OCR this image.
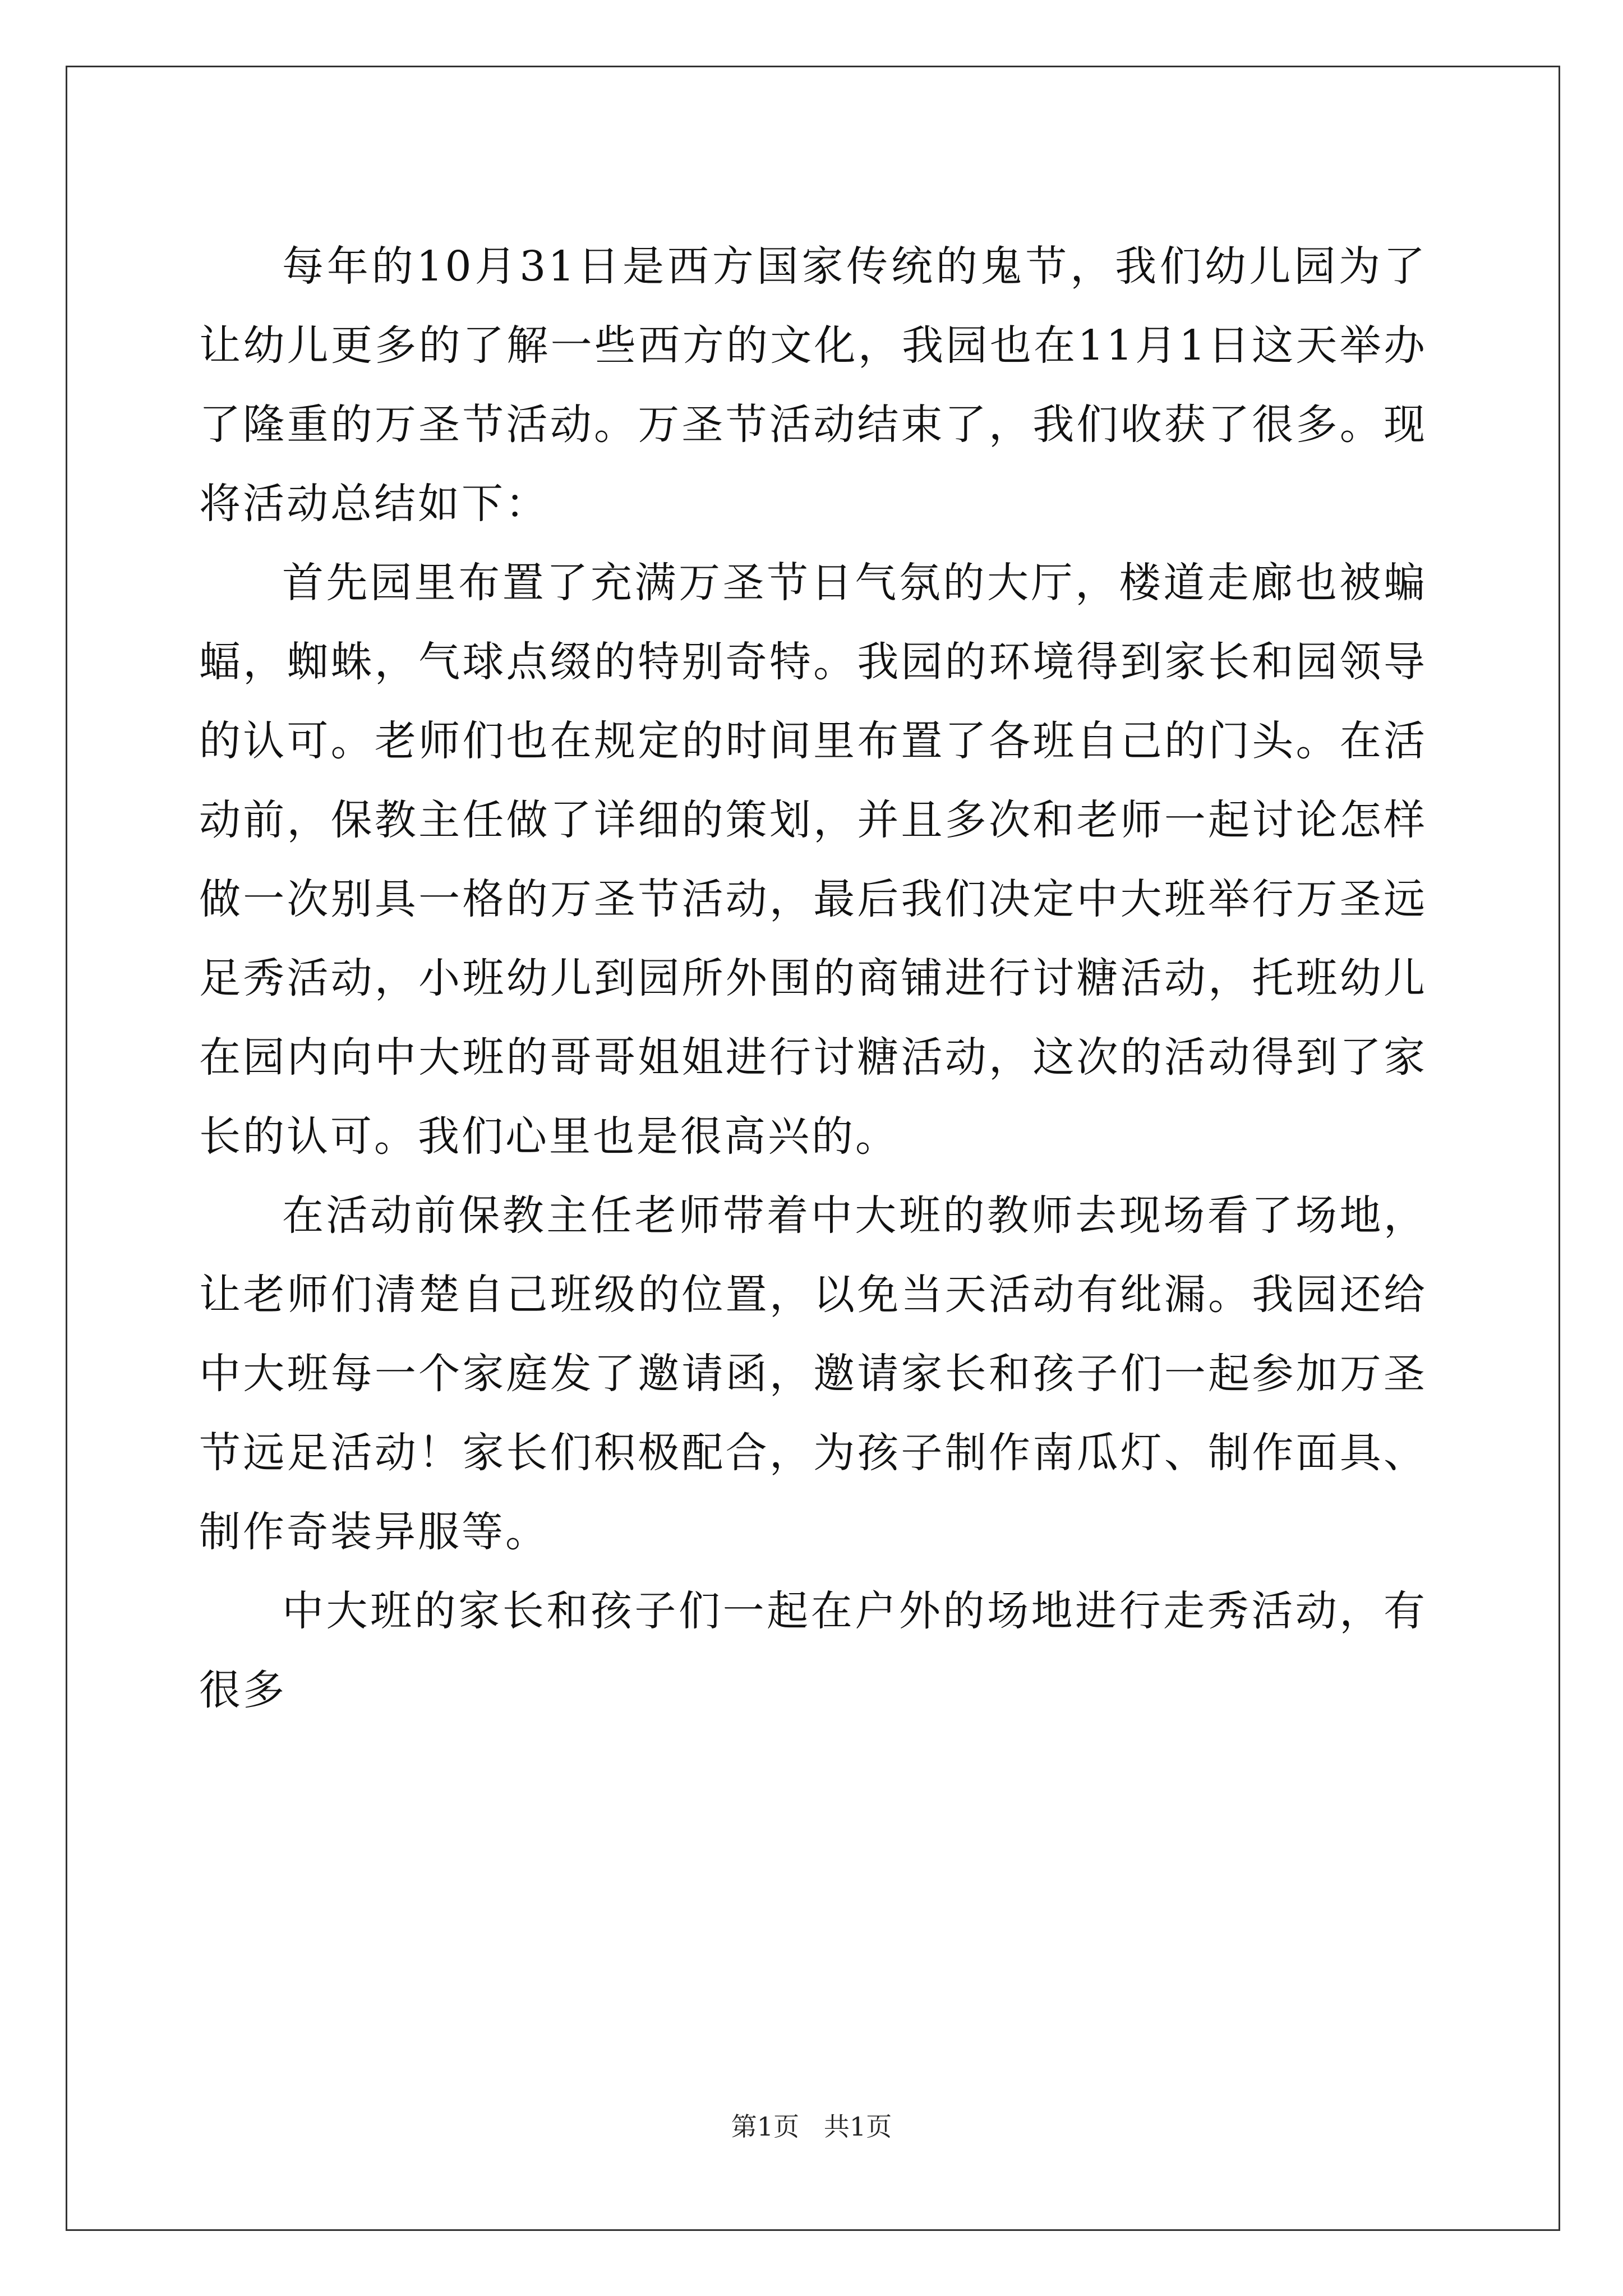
每年的10月31日是西方国家传统的鬼节，我们幼儿园为了让幼儿更多的了解一些西方的文化，我园也在11月1日这天举办了隆重的万圣节活动。万圣节活动结束了，我们收获了很多。现将活动总结如下：

首先园里布置了充满万圣节日气氛的大厅，楼道走廊也被蝙蝠，蜘蛛，气球点缀的特别奇特。我园的环境得到家长和园领导的认可。老师们也在规定的时间里布置了各班自己的门头。在活动前，保教主任做了详细的策划，并且多次和老师一起讨论怎样做一次别具一格的万圣节活动，最后我们决定中大班举行万圣远足秀活动，小班幼儿到园所外围的商铺进行讨糖活动，托班幼儿在园内向中大班的哥哥姐姐进行讨糖活动，这次的活动得到了家长的认可。我们心里也是很高兴的。

在活动前保教主任老师带着中大班的教师去现场看了场地，让老师们清楚自己班级的位置，以免当天活动有纰漏。我园还给中大班每一个家庭发了邀请函，邀请家长和孩子们一起参加万圣节远足活动！家长们积极配合，为孩子制作南瓜灯、制作面具、制作奇装异服等。

中大班的家长和孩子们一起在户外的场地进行走秀活动，有很多

第1页   共1页
